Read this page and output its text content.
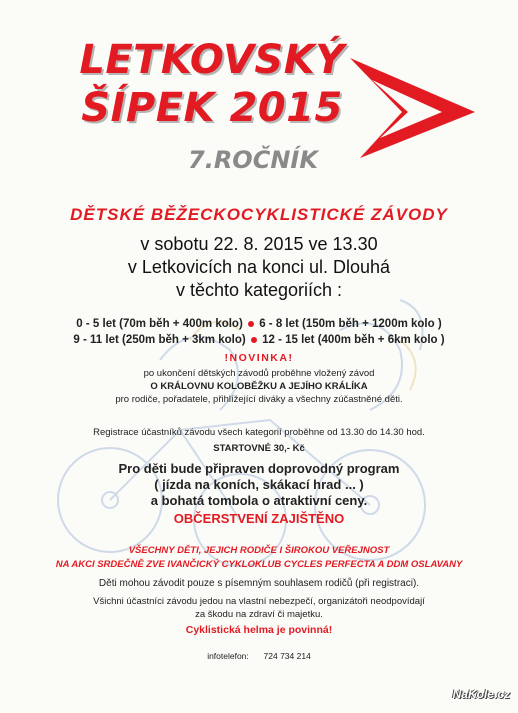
LETKOVSKÝ
ŠÍPEK 2015
7.ROČNÍK
DĚTSKÉ BĚŽECKOCYKLISTICKÉ ZÁVODY
v sobotu 22. 8. 2015 ve 13.30
v Letkovicích na konci ul. Dlouhá
v těchto kategoriích :
0 - 5 let (70m běh + 400m kolo) 6 - 8 let (150m běh + 1200m kolo )
9 - 11 let (250m běh + 3km kolo) 12 - 15 let (400m běh + 6km kolo )
!NOVINKA!
po ukončení dětských závodů proběhne vložený závod
O KRÁLOVNU KOLOBĚŽKU A JEJÍHO KRÁLÍKA
pro rodiče, pořadatele, přihlížející diváky a všechny zúčastněné děti.
Registrace účastníků závodu všech kategorií proběhne od 13.30 do 14.30 hod.
STARTOVNÉ 30,- Kč
Pro děti bude připraven doprovodný program
( jízda na koních, skákací hrad ... )
a bohatá tombola o atraktivní ceny.
OBČERSTVENÍ ZAJIŠTĚNO
VŠECHNY DĚTI, JEJICH RODIČE I ŠIROKOU VEŘEJNOST
NA AKCI SRDEČNĚ ZVE IVANČICKÝ CYKLOKLUB CYCLES PERFECTA A DDM OSLAVANY
Děti mohou závodit pouze s písemným souhlasem rodičů (při registraci).
Všichni účastníci závodu jedou na vlastní nebezpečí, organizátoři neodpovídají
za škodu na zdraví či majetku.
Cyklistická helma je povinná!
infotelefon: 724 734 214
NaKole.cz
